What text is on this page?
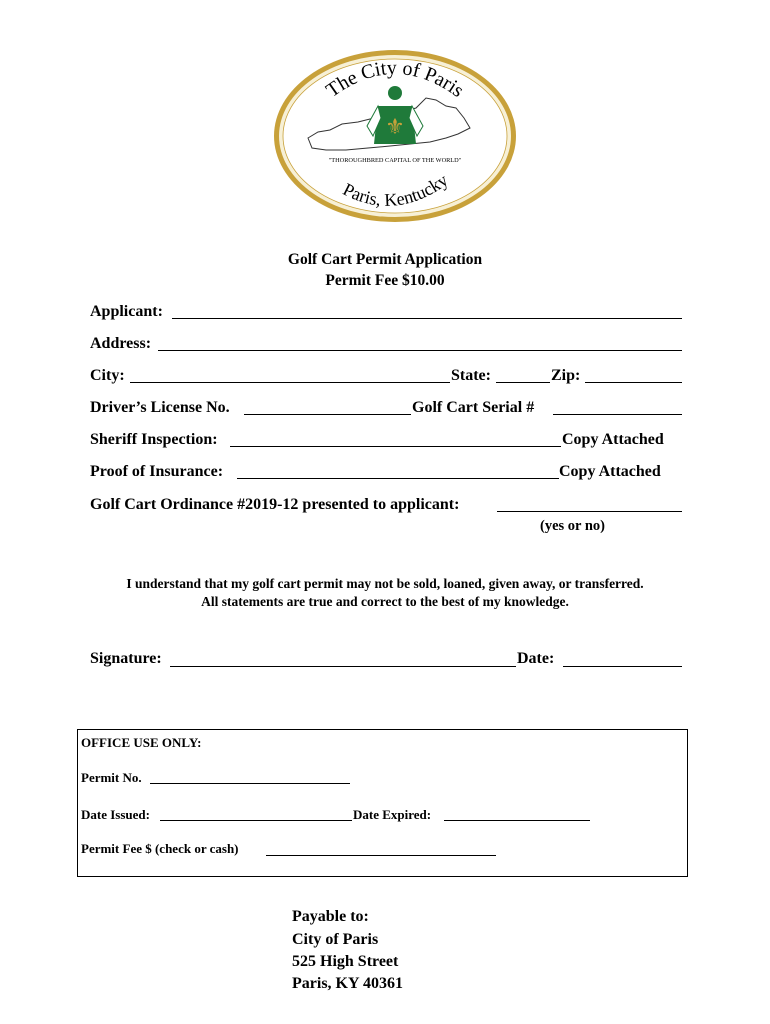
⚜
The City of Paris
"THOROUGHBRED CAPITAL OF THE WORLD"
Paris, Kentucky
Golf Cart Permit Application
Permit Fee $10.00
Applicant:
Address:
City:	State:	Zip:
Driver’s License No.	Golf Cart Serial #
Sheriff Inspection:	Copy Attached
Proof of Insurance:	Copy Attached
Golf Cart Ordinance #2019-12 presented to applicant:
(yes or no)
I understand that my golf cart permit may not be sold, loaned, given away, or transferred.
All statements are true and correct to the best of my knowledge.
Signature:	Date:
OFFICE USE ONLY:
Permit No.
Date Issued:	Date Expired:
Permit Fee $ (check or cash)
Payable to:
City of Paris
525 High Street
Paris, KY 40361
